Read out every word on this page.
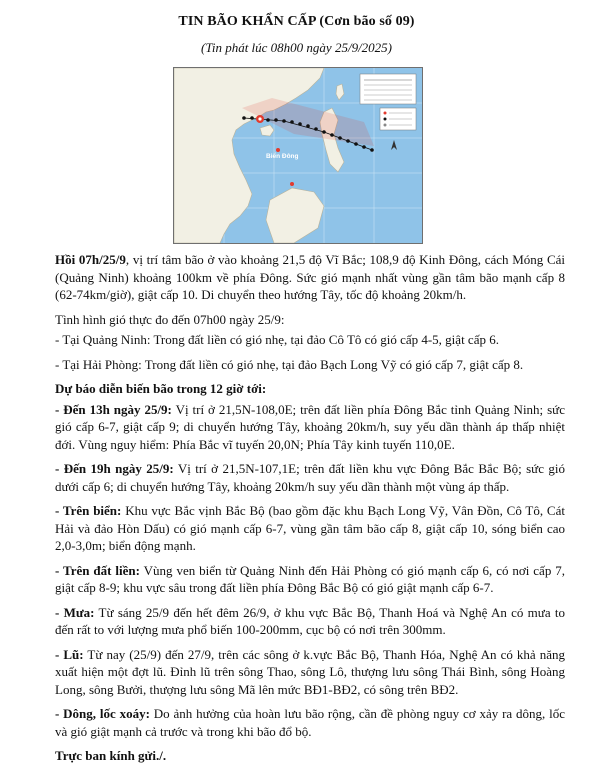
TIN BÃO KHẨN CẤP (Cơn bão số 09)
(Tin phát lúc 08h00 ngày 25/9/2025)
Biển Đông

Hồi 07h/25/9, vị trí tâm bão ở vào khoảng 21,5 độ Vĩ Bắc; 108,9 độ Kinh Đông, cách Móng Cái (Quảng Ninh) khoảng 100km về phía Đông. Sức gió mạnh nhất vùng gần tâm bão mạnh cấp 8 (62-74km/giờ), giật cấp 10. Di chuyển theo hướng Tây, tốc độ khoảng 20km/h.

Tình hình gió thực đo đến 07h00 ngày 25/9:

- Tại Quảng Ninh: Trong đất liền có gió nhẹ, tại đảo Cô Tô có gió cấp 4-5, giật cấp 6.

- Tại Hải Phòng: Trong đất liền có gió nhẹ, tại đảo Bạch Long Vỹ có gió cấp 7, giật cấp 8.

Dự báo diễn biến bão trong 12 giờ tới:

- Đến 13h ngày 25/9: Vị trí ở 21,5N-108,0E; trên đất liền phía Đông Bắc tỉnh Quảng Ninh; sức gió cấp 6-7, giật cấp 9; di chuyển hướng Tây, khoảng 20km/h, suy yếu dần thành áp thấp nhiệt đới. Vùng nguy hiểm: Phía Bắc vĩ tuyến 20,0N; Phía Tây kinh tuyến 110,0E.

- Đến 19h ngày 25/9: Vị trí ở 21,5N-107,1E; trên đất liền khu vực Đông Bắc Bắc Bộ; sức gió dưới cấp 6; di chuyển hướng Tây, khoảng 20km/h suy yếu dần thành một vùng áp thấp.

- Trên biển: Khu vực Bắc vịnh Bắc Bộ (bao gồm đặc khu Bạch Long Vỹ, Vân Đồn, Cô Tô, Cát Hải và đảo Hòn Dấu) có gió mạnh cấp 6-7, vùng gần tâm bão cấp 8, giật cấp 10, sóng biển cao 2,0-3,0m; biển động mạnh.

- Trên đất liền: Vùng ven biển từ Quảng Ninh đến Hải Phòng có gió mạnh cấp 6, có nơi cấp 7, giật cấp 8-9; khu vực sâu trong đất liền phía Đông Bắc Bộ có gió giật mạnh cấp 6-7.

- Mưa: Từ sáng 25/9 đến hết đêm 26/9, ở khu vực Bắc Bộ, Thanh Hoá và Nghệ An có mưa to đến rất to với lượng mưa phổ biến 100-200mm, cục bộ có nơi trên 300mm.

- Lũ: Từ nay (25/9) đến 27/9, trên các sông ở k.vực Bắc Bộ, Thanh Hóa, Nghệ An có khả năng xuất hiện một đợt lũ. Đỉnh lũ trên sông Thao, sông Lô, thượng lưu sông Thái Bình, sông Hoàng Long, sông Bưởi, thượng lưu sông Mã lên mức BĐ1-BĐ2, có sông trên BĐ2.

- Dông, lốc xoáy: Do ảnh hưởng của hoàn lưu bão rộng, cần đề phòng nguy cơ xảy ra dông, lốc và gió giật mạnh cả trước và trong khi bão đổ bộ.

Trực ban kính gửi./.
